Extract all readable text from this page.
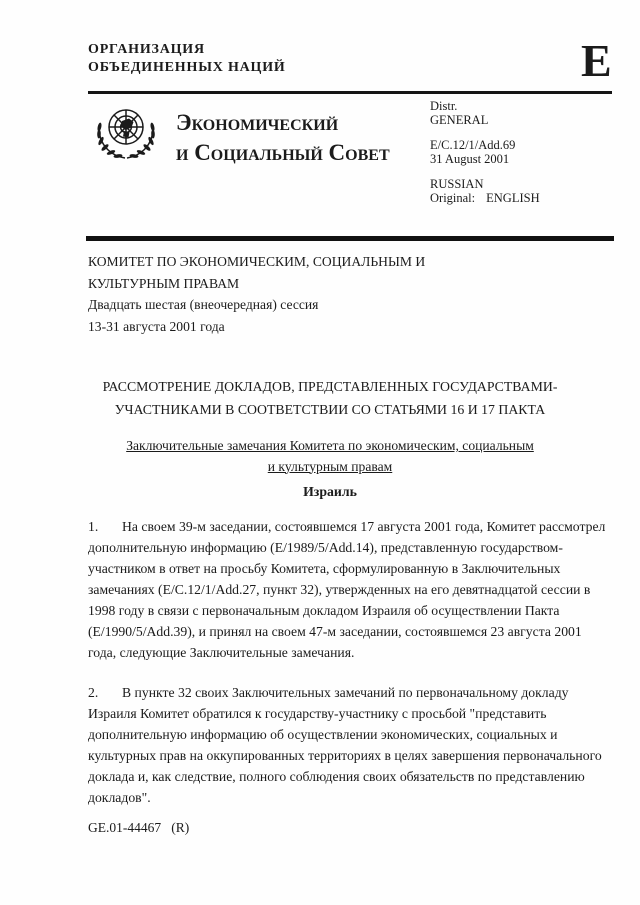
ОРГАНИЗАЦИЯ
ОБЪЕДИНЕННЫХ НАЦИЙ	E
Экономический
и Социальный Совет
Distr.
GENERAL
E/C.12/1/Add.69
31 August 2001
RUSSIAN
Original: ENGLISH
КОМИТЕТ ПО ЭКОНОМИЧЕСКИМ, СОЦИАЛЬНЫМ И
КУЛЬТУРНЫМ ПРАВАМ
Двадцать шестая (внеочередная) сессия
13-31 августа 2001 года
РАССМОТРЕНИЕ ДОКЛАДОВ, ПРЕДСТАВЛЕННЫХ ГОСУДАРСТВАМИ-
УЧАСТНИКАМИ В СООТВЕТСТВИИ СО СТАТЬЯМИ 16 И 17 ПАКТА
Заключительные замечания Комитета по экономическим, социальным
и культурным правам
Израиль

1. На своем 39-м заседании, состоявшемся 17 августа 2001 года, Комитет рассмотрел дополнительную информацию (E/1989/5/Add.14), представленную государством-участником в ответ на просьбу Комитета, сформулированную в Заключительных замечаниях (E/C.12/1/Add.27, пункт 32), утвержденных на его девятнадцатой сессии в 1998 году в связи с первоначальным докладом Израиля об осуществлении Пакта (E/1990/5/Add.39), и принял на своем 47-м заседании, состоявшемся 23 августа 2001 года, следующие Заключительные замечания.

2. В пункте 32 своих Заключительных замечаний по первоначальному докладу Израиля Комитет обратился к государству-участнику с просьбой "представить дополнительную информацию об осуществлении экономических, социальных и культурных прав на оккупированных территориях в целях завершения первоначального доклада и, как следствие, полного соблюдения своих обязательств по представлению докладов".

GE.01-44467   (R)
